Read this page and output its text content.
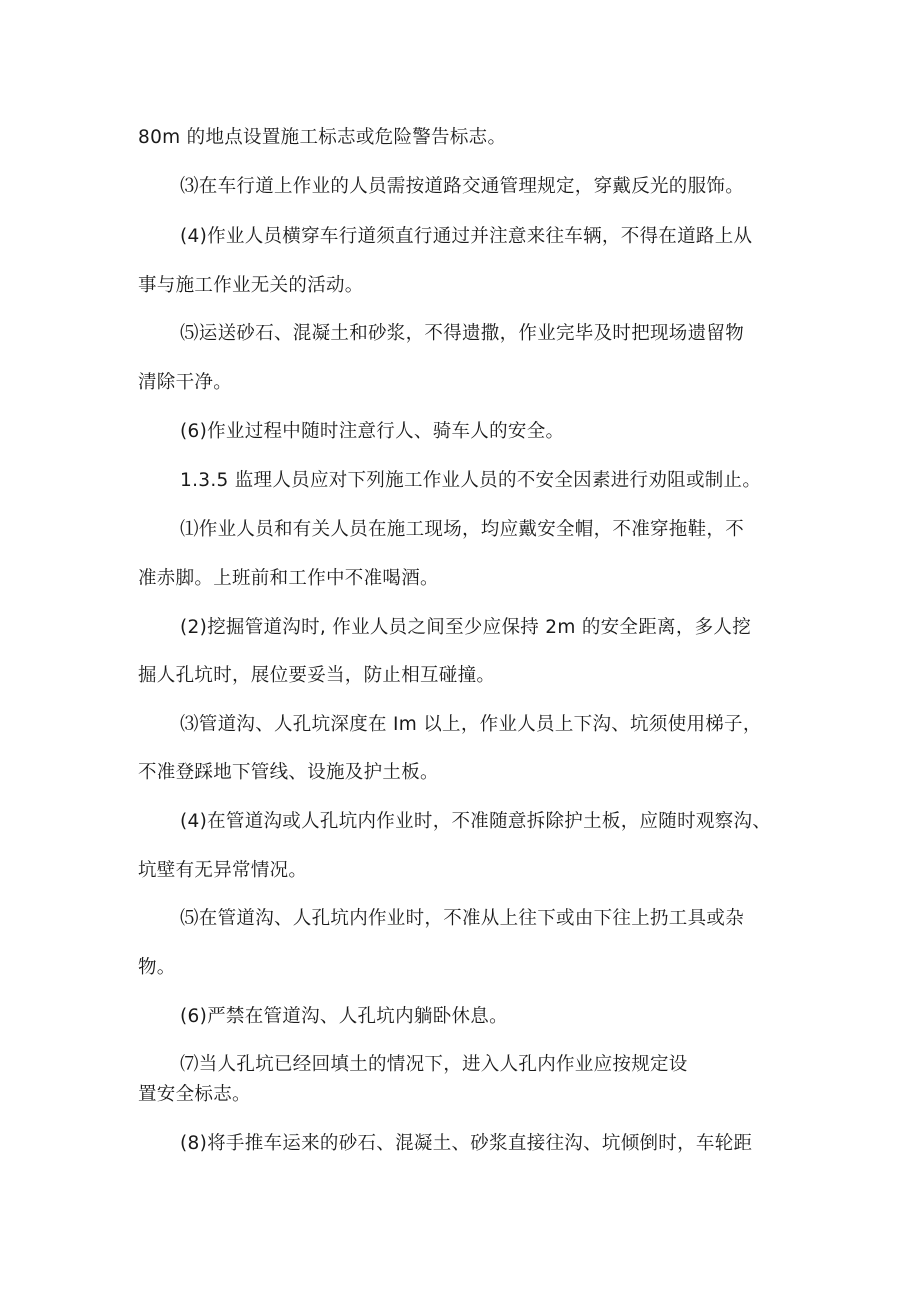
80m 的地点设置施工标志或危险警告标志。
⑶在车行道上作业的人员需按道路交通管理规定，穿戴反光的服饰。
(4)作业人员横穿车行道须直行通过并注意来往车辆，不得在道路上从
事与施工作业无关的活动。
⑸运送砂石、混凝土和砂浆，不得遗撒，作业完毕及时把现场遗留物
清除干净。
(6)作业过程中随时注意行人、骑车人的安全。
1.3.5 监理人员应对下列施工作业人员的不安全因素进行劝阻或制止。
⑴作业人员和有关人员在施工现场，均应戴安全帽，不准穿拖鞋，不
准赤脚。上班前和工作中不准喝酒。
(2)挖掘管道沟时, 作业人员之间至少应保持 2m 的安全距离，多人挖
掘人孔坑时，展位要妥当，防止相互碰撞。
⑶管道沟、人孔坑深度在 Im 以上，作业人员上下沟、坑须使用梯子，
不准登踩地下管线、设施及护土板。
(4)在管道沟或人孔坑内作业时，不准随意拆除护土板，应随时观察沟、
坑壁有无异常情况。
⑸在管道沟、人孔坑内作业时，不准从上往下或由下往上扔工具或杂
物。
(6)严禁在管道沟、人孔坑内躺卧休息。
⑺当人孔坑已经回填土的情况下，进入人孔内作业应按规定设
置安全标志。
(8)将手推车运来的砂石、混凝土、砂浆直接往沟、坑倾倒时，车轮距
